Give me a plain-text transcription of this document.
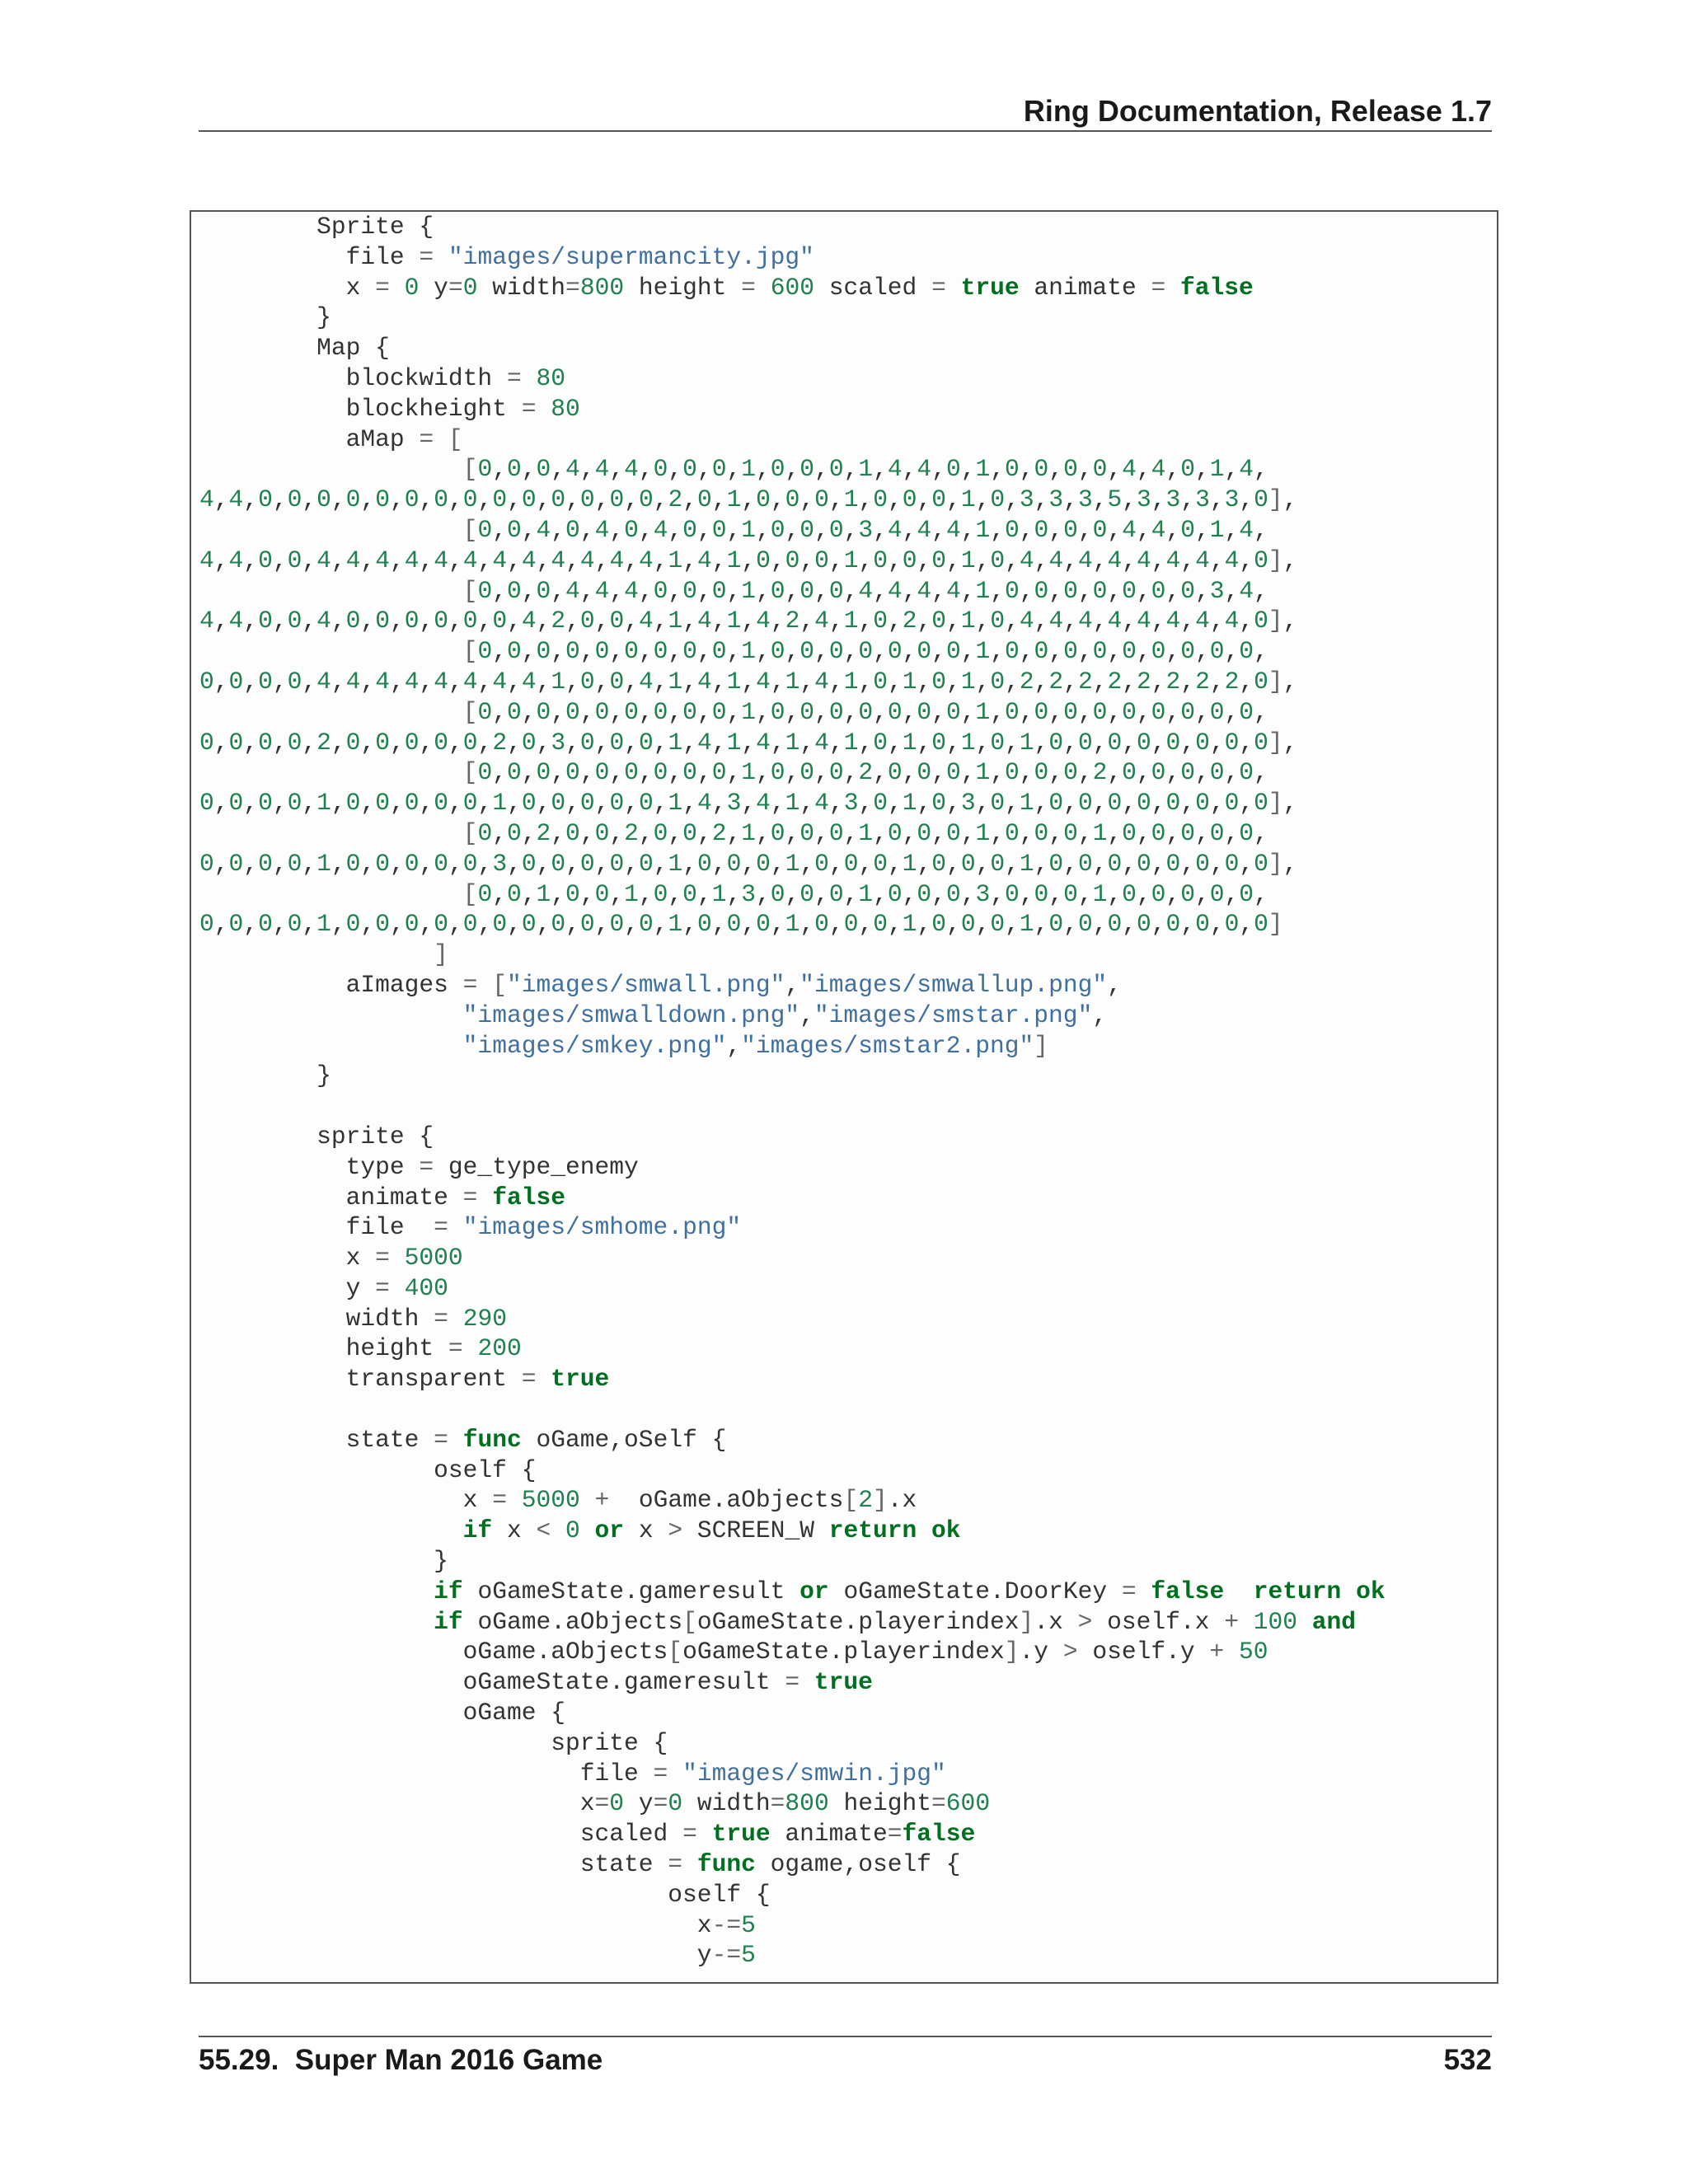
Ring Documentation, Release 1.7
Sprite {
file = "images/supermancity.jpg"
x = 0 y=0 width=800 height = 600 scaled = true animate = false
}
Map {
blockwidth = 80
blockheight = 80
aMap = [
[0,0,0,4,4,4,0,0,0,1,0,0,0,1,4,4,0,1,0,0,0,0,4,4,0,1,4,
4,4,0,0,0,0,0,0,0,0,0,0,0,0,0,0,2,0,1,0,0,0,1,0,0,0,1,0,3,3,3,5,3,3,3,3,0],
[0,0,4,0,4,0,4,0,0,1,0,0,0,3,4,4,4,1,0,0,0,0,4,4,0,1,4,
4,4,0,0,4,4,4,4,4,4,4,4,4,4,4,4,1,4,1,0,0,0,1,0,0,0,1,0,4,4,4,4,4,4,4,4,0],
[0,0,0,4,4,4,0,0,0,1,0,0,0,4,4,4,4,1,0,0,0,0,0,0,0,3,4,
4,4,0,0,4,0,0,0,0,0,0,4,2,0,0,4,1,4,1,4,2,4,1,0,2,0,1,0,4,4,4,4,4,4,4,4,0],
[0,0,0,0,0,0,0,0,0,1,0,0,0,0,0,0,0,1,0,0,0,0,0,0,0,0,0,
0,0,0,0,4,4,4,4,4,4,4,4,1,0,0,4,1,4,1,4,1,4,1,0,1,0,1,0,2,2,2,2,2,2,2,2,0],
[0,0,0,0,0,0,0,0,0,1,0,0,0,0,0,0,0,1,0,0,0,0,0,0,0,0,0,
0,0,0,0,2,0,0,0,0,0,2,0,3,0,0,0,1,4,1,4,1,4,1,0,1,0,1,0,1,0,0,0,0,0,0,0,0],
[0,0,0,0,0,0,0,0,0,1,0,0,0,2,0,0,0,1,0,0,0,2,0,0,0,0,0,
0,0,0,0,1,0,0,0,0,0,1,0,0,0,0,0,1,4,3,4,1,4,3,0,1,0,3,0,1,0,0,0,0,0,0,0,0],
[0,0,2,0,0,2,0,0,2,1,0,0,0,1,0,0,0,1,0,0,0,1,0,0,0,0,0,
0,0,0,0,1,0,0,0,0,0,3,0,0,0,0,0,1,0,0,0,1,0,0,0,1,0,0,0,1,0,0,0,0,0,0,0,0],
[0,0,1,0,0,1,0,0,1,3,0,0,0,1,0,0,0,3,0,0,0,1,0,0,0,0,0,
0,0,0,0,1,0,0,0,0,0,0,0,0,0,0,0,1,0,0,0,1,0,0,0,1,0,0,0,1,0,0,0,0,0,0,0,0]
]
aImages = ["images/smwall.png","images/smwallup.png",
"images/smwalldown.png","images/smstar.png",
"images/smkey.png","images/smstar2.png"]
}

sprite {
type = ge_type_enemy
animate = false
file  = "images/smhome.png"
x = 5000
y = 400
width = 290
height = 200
transparent = true

state = func oGame,oSelf {
oself {
x = 5000 +  oGame.aObjects[2].x
if x < 0 or x > SCREEN_W return ok
}
if oGameState.gameresult or oGameState.DoorKey = false return ok
if oGame.aObjects[oGameState.playerindex].x > oself.x + 100 and
oGame.aObjects[oGameState.playerindex].y > oself.y + 50
oGameState.gameresult = true
oGame {
sprite {
file = "images/smwin.jpg"
x=0 y=0 width=800 height=600
scaled = true animate=false
state = func ogame,oself {
oself {
x-=5
y-=5
55.29.  Super Man 2016 Game	532
